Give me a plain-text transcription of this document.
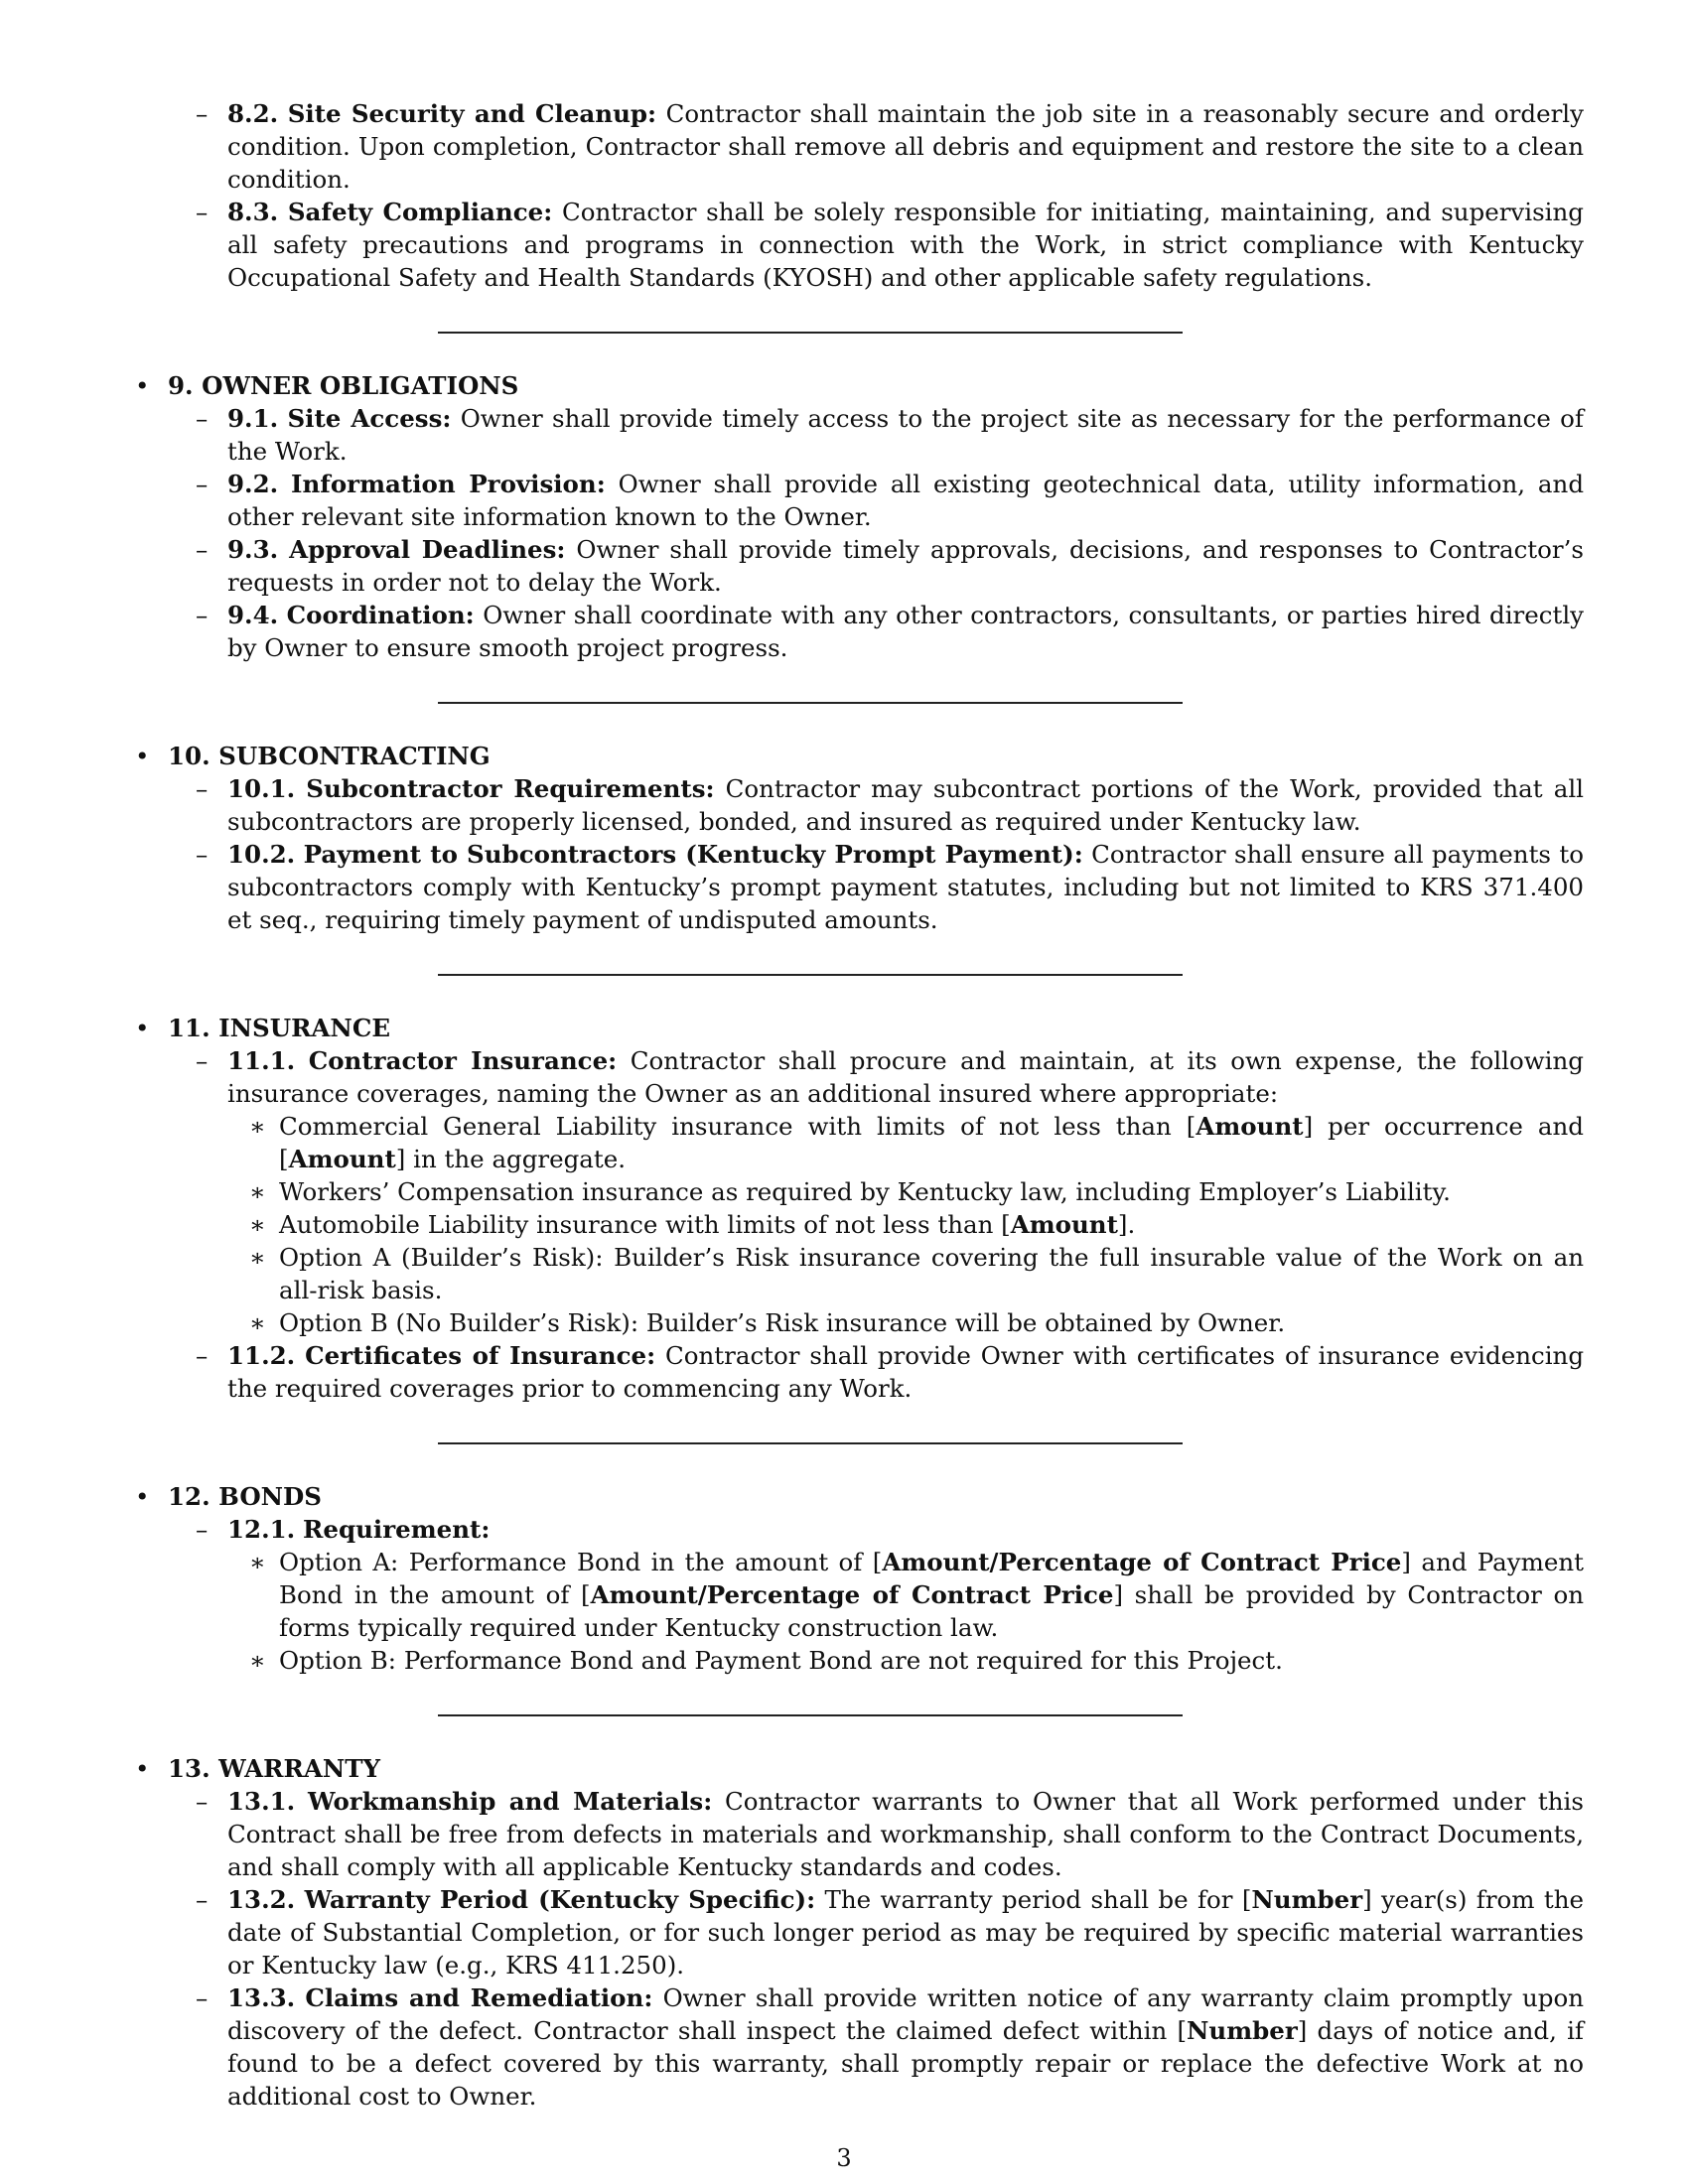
– 8.2. Site Security and Cleanup: Contractor shall maintain the job site in a reasonably secure and orderly condition. Upon completion, Contractor shall remove all debris and equipment and restore the site to a clean condition.
– 8.3. Safety Compliance: Contractor shall be solely responsible for initiating, maintaining, and supervising all safety precautions and programs in connection with the Work, in strict compliance with Kentucky Occupational Safety and Health Standards (KYOSH) and other applicable safety regulations.
• 9. OWNER OBLIGATIONS
– 9.1. Site Access: Owner shall provide timely access to the project site as necessary for the performance of the Work.
– 9.2. Information Provision: Owner shall provide all existing geotechnical data, utility information, and other relevant site information known to the Owner.
– 9.3. Approval Deadlines: Owner shall provide timely approvals, decisions, and responses to Contractor’s requests in order not to delay the Work.
– 9.4. Coordination: Owner shall coordinate with any other contractors, consultants, or parties hired directly by Owner to ensure smooth project progress.
• 10. SUBCONTRACTING
– 10.1. Subcontractor Requirements: Contractor may subcontract portions of the Work, provided that all subcontractors are properly licensed, bonded, and insured as required under Kentucky law.
– 10.2. Payment to Subcontractors (Kentucky Prompt Payment): Contractor shall ensure all payments to subcontractors comply with Kentucky’s prompt payment statutes, including but not limited to KRS 371.400 et seq., requiring timely payment of undisputed amounts.
• 11. INSURANCE
– 11.1. Contractor Insurance: Contractor shall procure and maintain, at its own expense, the following insurance coverages, naming the Owner as an additional insured where appropriate:
∗ Commercial General Liability insurance with limits of not less than [Amount] per occurrence and [Amount] in the aggregate.
∗ Workers’ Compensation insurance as required by Kentucky law, including Employer’s Liability.
∗ Automobile Liability insurance with limits of not less than [Amount].
∗ Option A (Builder’s Risk): Builder’s Risk insurance covering the full insurable value of the Work on an all-risk basis.
∗ Option B (No Builder’s Risk): Builder’s Risk insurance will be obtained by Owner.
– 11.2. Certificates of Insurance: Contractor shall provide Owner with certificates of insurance evidencing the required coverages prior to commencing any Work.
• 12. BONDS
– 12.1. Requirement:
∗ Option A: Performance Bond in the amount of [Amount/Percentage of Contract Price] and Payment Bond in the amount of [Amount/Percentage of Contract Price] shall be provided by Contractor on forms typically required under Kentucky construction law.
∗ Option B: Performance Bond and Payment Bond are not required for this Project.
• 13. WARRANTY
– 13.1. Workmanship and Materials: Contractor warrants to Owner that all Work performed under this Contract shall be free from defects in materials and workmanship, shall conform to the Contract Documents, and shall comply with all applicable Kentucky standards and codes.
– 13.2. Warranty Period (Kentucky Specific): The warranty period shall be for [Number] year(s) from the date of Substantial Completion, or for such longer period as may be required by specific material warranties or Kentucky law (e.g., KRS 411.250).
– 13.3. Claims and Remediation: Owner shall provide written notice of any warranty claim promptly upon discovery of the defect. Contractor shall inspect the claimed defect within [Number] days of notice and, if found to be a defect covered by this warranty, shall promptly repair or replace the defective Work at no additional cost to Owner.
3
